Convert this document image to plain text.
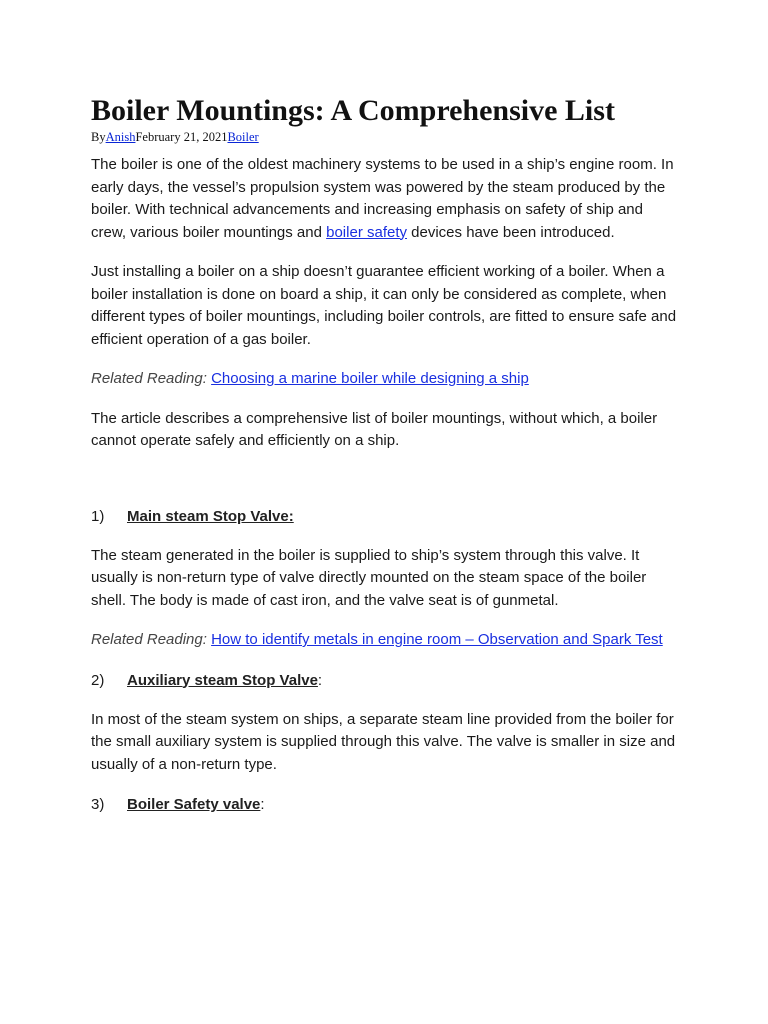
Boiler Mountings: A Comprehensive List
ByAnishFebruary 21, 2021Boiler

The boiler is one of the oldest machinery systems to be used in a ship’s engine room. In early days, the vessel’s propulsion system was powered by the steam produced by the boiler. With technical advancements and increasing emphasis on safety of ship and crew, various boiler mountings and boiler safety devices have been introduced.

Just installing a boiler on a ship doesn’t guarantee efficient working of a boiler. When a boiler installation is done on board a ship, it can only be considered as complete, when different types of boiler mountings, including boiler controls, are fitted to ensure safe and efficient operation of a gas boiler.

Related Reading: Choosing a marine boiler while designing a ship

The article describes a comprehensive list of boiler mountings, without which, a boiler cannot operate safely and efficiently on a ship.

1)	Main steam Stop Valve:

The steam generated in the boiler is supplied to ship’s system through this valve. It usually is non-return type of valve directly mounted on the steam space of the boiler shell. The body is made of cast iron, and the valve seat is of gunmetal.

Related Reading: How to identify metals in engine room – Observation and Spark Test

2)	Auxiliary steam Stop Valve :

In most of the steam system on ships, a separate steam line provided from the boiler for the small auxiliary system is supplied through this valve. The valve is smaller in size and usually of a non-return type.

3)	Boiler Safety valve :
